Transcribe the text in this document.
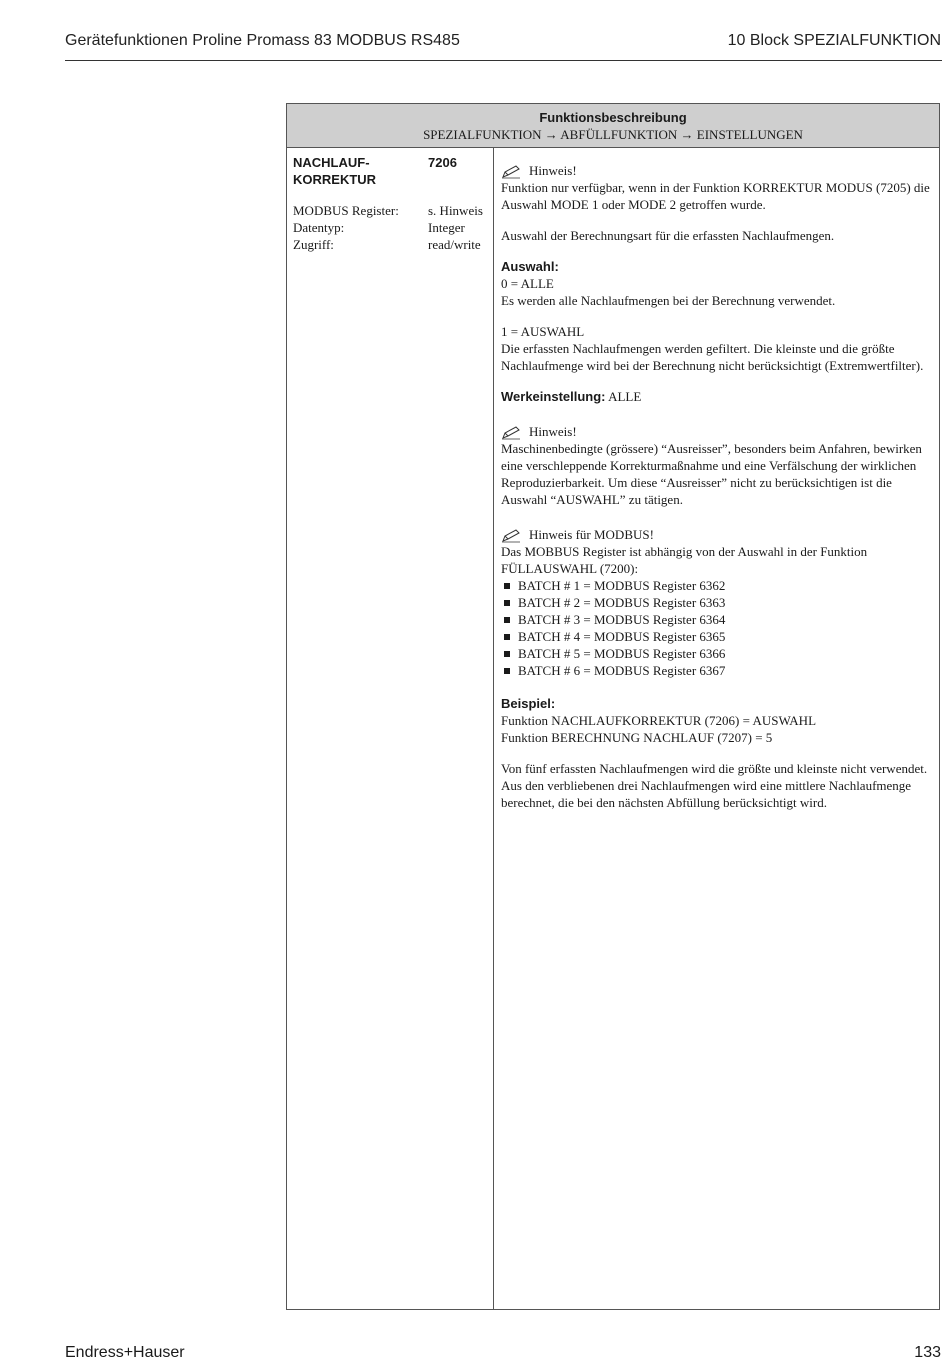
Gerätefunktionen Proline Promass 83 MODBUS RS485	10 Block SPEZIALFUNKTION
Funktionsbeschreibung
SPEZIALFUNKTION → ABFÜLLFUNKTION → EINSTELLUNGEN
NACHLAUF-
KORREKTUR
7206
MODBUS Register:
Datentyp:
Zugriff:
s. Hinweis
Integer
read/write
Hinweis!

Funktion nur verfügbar, wenn in der Funktion KORREKTUR MODUS (7205) die Auswahl MODE 1 oder MODE 2 getroffen wurde.

Auswahl der Berechnungsart für die erfassten Nachlaufmengen.

Auswahl:

0 = ALLE

Es werden alle Nachlaufmengen bei der Berechnung verwendet.

1 = AUSWAHL

Die erfassten Nachlaufmengen werden gefiltert. Die kleinste und die größte Nachlaufmenge wird bei der Berechnung nicht berücksichtigt (Extremwertfilter).

Werkeinstellung: ALLE

Hinweis!

Maschinenbedingte (grössere) “Ausreisser”, besonders beim Anfahren, bewirken eine verschleppende Korrekturmaßnahme und eine Verfälschung der wirklichen Reproduzierbarkeit. Um diese “Ausreisser” nicht zu berücksichtigen ist die Auswahl “AUSWAHL” zu tätigen.

Hinweis für MODBUS!

Das MOBBUS Register ist abhängig von der Auswahl in der Funktion

FÜLLAUSWAHL (7200):

BATCH # 1 = MODBUS Register 6362
BATCH # 2 = MODBUS Register 6363
BATCH # 3 = MODBUS Register 6364
BATCH # 4 = MODBUS Register 6365
BATCH # 5 = MODBUS Register 6366
BATCH # 6 = MODBUS Register 6367

Beispiel:

Funktion NACHLAUFKORREKTUR (7206) = AUSWAHL

Funktion BERECHNUNG NACHLAUF (7207) = 5

Von fünf erfassten Nachlaufmengen wird die größte und kleinste nicht verwendet. Aus den verbliebenen drei Nachlaufmengen wird eine mittlere Nachlaufmenge berechnet, die bei den nächsten Abfüllung berücksichtigt wird.

Endress+Hauser	133
